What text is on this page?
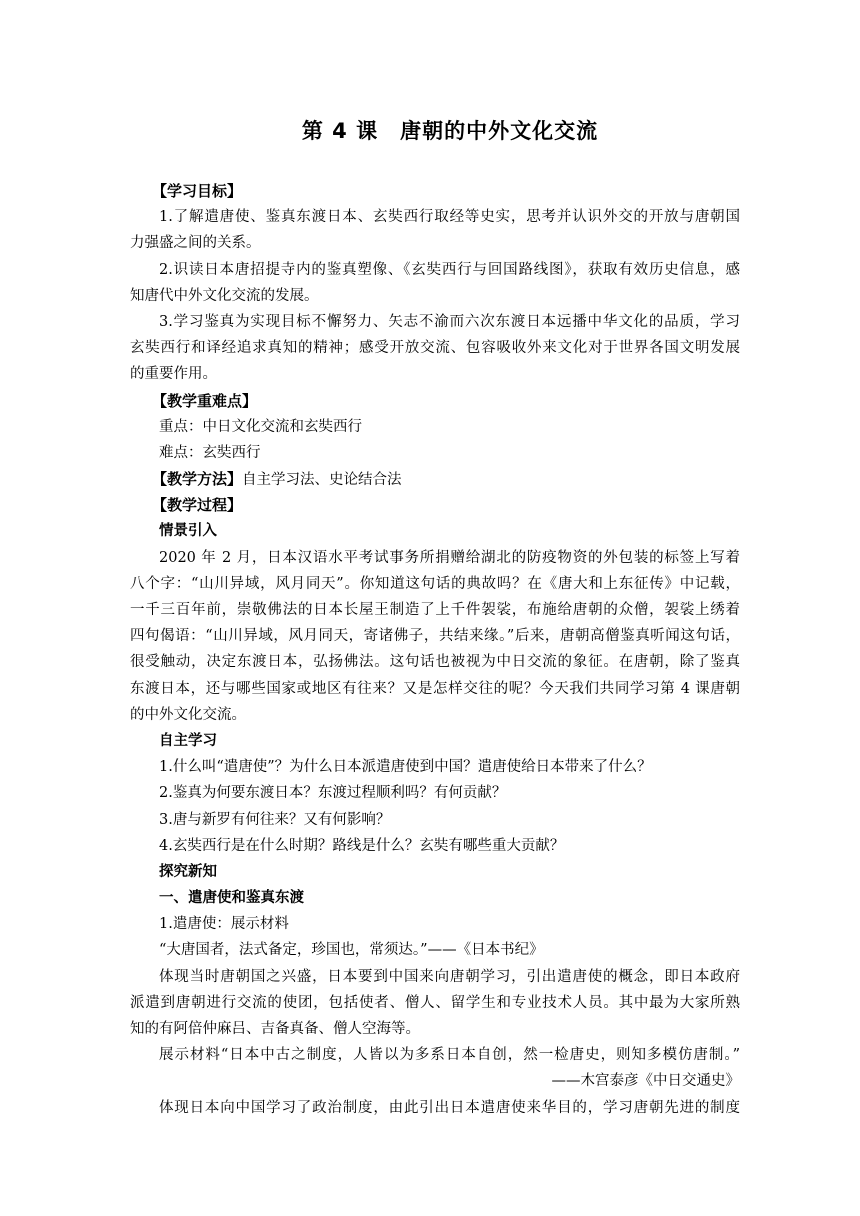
第 4 课　唐朝的中外文化交流
【学习目标】
1.了解遣唐使、鉴真东渡日本、玄奘西行取经等史实，思考并认识外交的开放与唐朝国
力强盛之间的关系。
2.识读日本唐招提寺内的鉴真塑像、《玄奘西行与回国路线图》，获取有效历史信息，感
知唐代中外文化交流的发展。
3.学习鉴真为实现目标不懈努力、矢志不渝而六次东渡日本远播中华文化的品质，学习
玄奘西行和译经追求真知的精神；感受开放交流、包容吸收外来文化对于世界各国文明发展
的重要作用。
【教学重难点】
重点：中日文化交流和玄奘西行
难点：玄奘西行
【教学方法】自主学习法、史论结合法
【教学过程】
情景引入
2020 年 2 月，日本汉语水平考试事务所捐赠给湖北的防疫物资的外包装的标签上写着
八个字：“山川异域，风月同天”。你知道这句话的典故吗？在《唐大和上东征传》中记载，
一千三百年前，崇敬佛法的日本长屋王制造了上千件袈裟，布施给唐朝的众僧，袈裟上绣着
四句偈语：“山川异域，风月同天，寄诸佛子，共结来缘。”后来，唐朝高僧鉴真听闻这句话，
很受触动，决定东渡日本，弘扬佛法。这句话也被视为中日交流的象征。在唐朝，除了鉴真
东渡日本，还与哪些国家或地区有往来？又是怎样交往的呢？今天我们共同学习第 4 课唐朝
的中外文化交流。
自主学习
1.什么叫“遣唐使”？为什么日本派遣唐使到中国？遣唐使给日本带来了什么？
2.鉴真为何要东渡日本？东渡过程顺利吗？有何贡献？
3.唐与新罗有何往来？又有何影响？
4.玄奘西行是在什么时期？路线是什么？玄奘有哪些重大贡献？
探究新知
一、遣唐使和鉴真东渡
1.遣唐使：展示材料
“大唐国者，法式备定，珍国也，常须达。”——《日本书纪》
体现当时唐朝国之兴盛，日本要到中国来向唐朝学习，引出遣唐使的概念，即日本政府
派遣到唐朝进行交流的使团，包括使者、僧人、留学生和专业技术人员。其中最为大家所熟
知的有阿倍仲麻吕、吉备真备、僧人空海等。
展示材料“日本中古之制度，人皆以为多系日本自创，然一检唐史，则知多模仿唐制。”
——木宫泰彦《中日交通史》
体现日本向中国学习了政治制度，由此引出日本遣唐使来华目的，学习唐朝先进的制度
